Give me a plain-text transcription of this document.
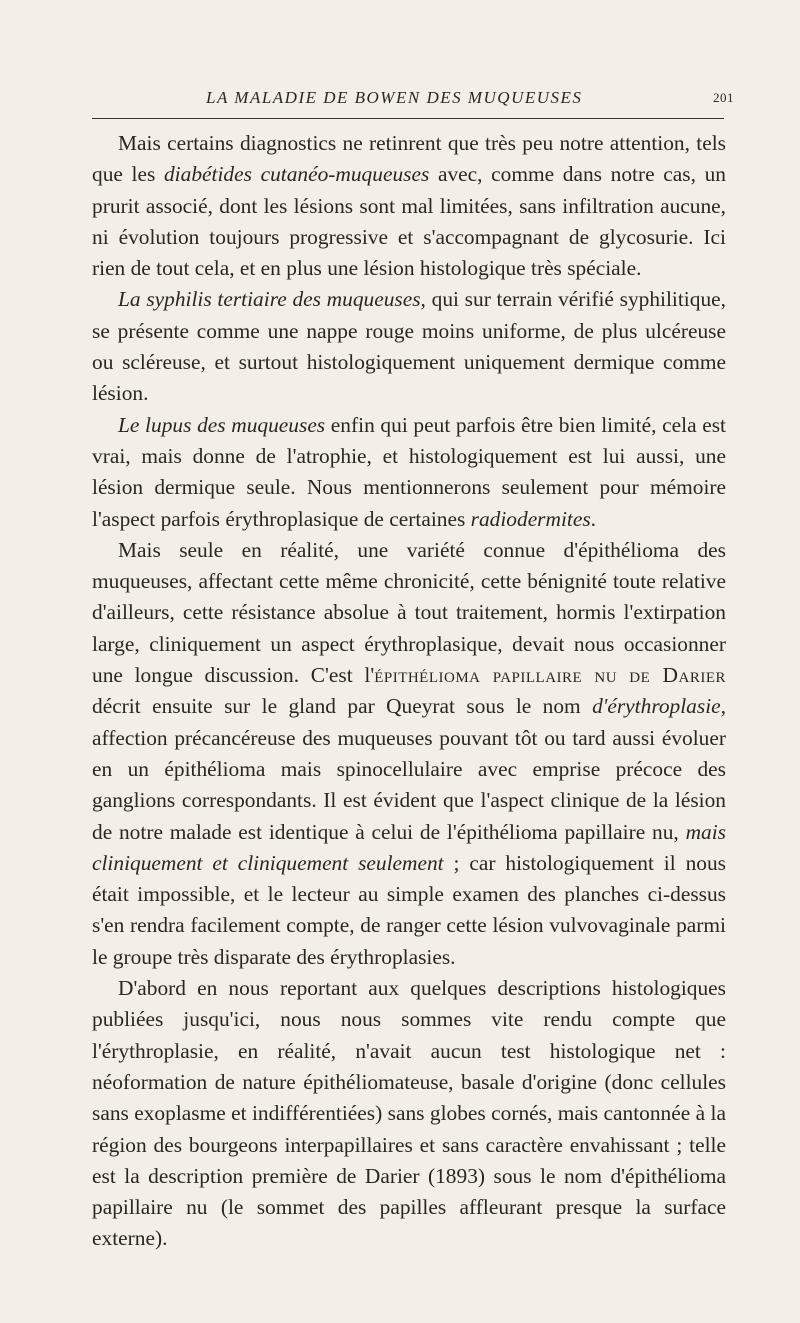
LA MALADIE DE BOWEN DES MUQUEUSES	201

Mais certains diagnostics ne retinrent que très peu notre attention, tels que les diabétides cutanéo-muqueuses avec, comme dans notre cas, un prurit associé, dont les lésions sont mal limitées, sans infiltration aucune, ni évolution toujours progressive et s'accompagnant de glycosurie. Ici rien de tout cela, et en plus une lésion histologique très spéciale.

La syphilis tertiaire des muqueuses, qui sur terrain vérifié syphilitique, se présente comme une nappe rouge moins uniforme, de plus ulcéreuse ou scléreuse, et surtout histologiquement uniquement dermique comme lésion.

Le lupus des muqueuses enfin qui peut parfois être bien limité, cela est vrai, mais donne de l'atrophie, et histologiquement est lui aussi, une lésion dermique seule. Nous mentionnerons seulement pour mémoire l'aspect parfois érythroplasique de certaines radiodermites.

Mais seule en réalité, une variété connue d'épithélioma des muqueuses, affectant cette même chronicité, cette bénignité toute relative d'ailleurs, cette résistance absolue à tout traitement, hormis l'extirpation large, cliniquement un aspect érythroplasique, devait nous occasionner une longue discussion. C'est l'épithélioma papillaire nu de Darier décrit ensuite sur le gland par Queyrat sous le nom d'érythroplasie, affection précancéreuse des muqueuses pouvant tôt ou tard aussi évoluer en un épithélioma mais spinocellulaire avec emprise précoce des ganglions correspondants. Il est évident que l'aspect clinique de la lésion de notre malade est identique à celui de l'épithélioma papillaire nu, mais cliniquement et cliniquement seulement ; car histologiquement il nous était impossible, et le lecteur au simple examen des planches ci-dessus s'en rendra facilement compte, de ranger cette lésion vulvovaginale parmi le groupe très disparate des érythroplasies.

D'abord en nous reportant aux quelques descriptions histologiques publiées jusqu'ici, nous nous sommes vite rendu compte que l'érythroplasie, en réalité, n'avait aucun test histologique net : néoformation de nature épithéliomateuse, basale d'origine (donc cellules sans exoplasme et indifférentiées) sans globes cornés, mais cantonnée à la région des bourgeons interpapillaires et sans caractère envahissant ; telle est la description première de Darier (1893) sous le nom d'épithélioma papillaire nu (le sommet des papilles affleurant presque la surface externe).
